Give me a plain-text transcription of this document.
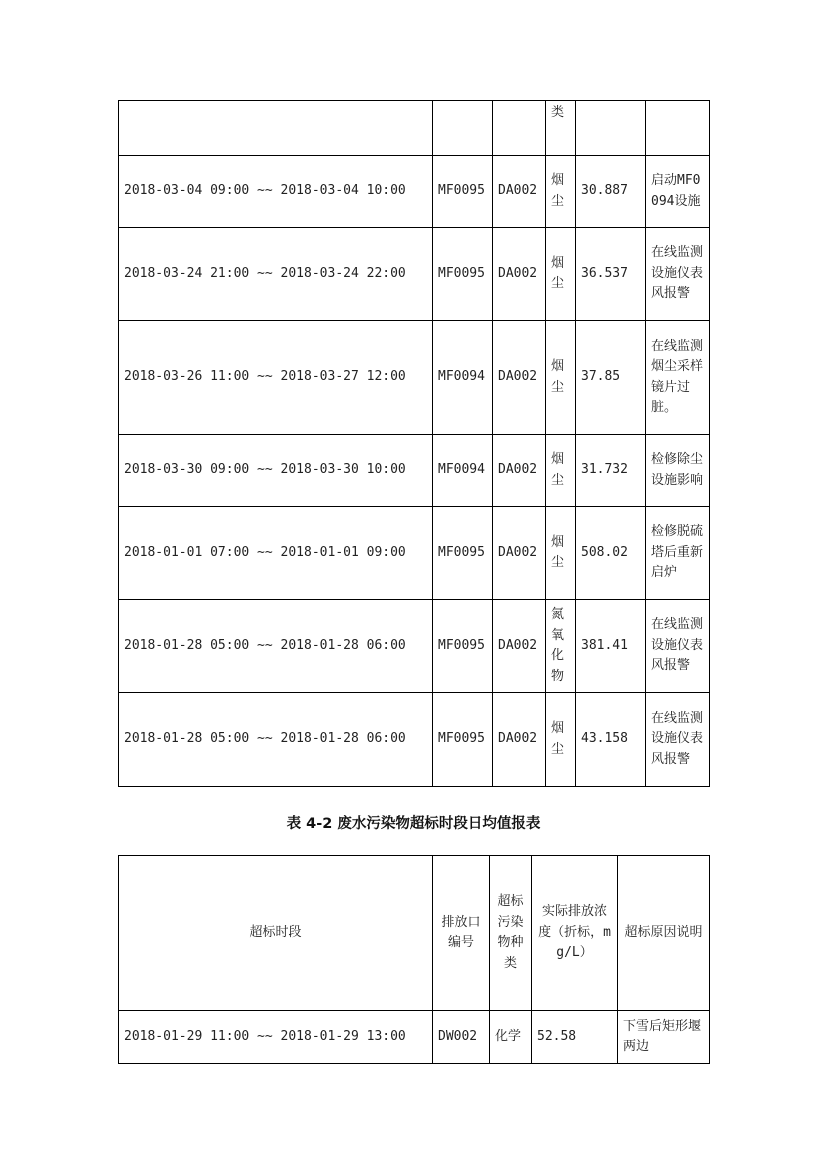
			类		
2018-03-04 09:00 ~~ 2018-03-04 10:00	MF0095	DA002	烟尘	30.887	启动MF0094设施
2018-03-24 21:00 ~~ 2018-03-24 22:00	MF0095	DA002	烟尘	36.537	在线监测设施仪表风报警
2018-03-26 11:00 ~~ 2018-03-27 12:00	MF0094	DA002	烟尘	37.85	在线监测烟尘采样镜片过脏。
2018-03-30 09:00 ~~ 2018-03-30 10:00	MF0094	DA002	烟尘	31.732	检修除尘设施影响
2018-01-01 07:00 ~~ 2018-01-01 09:00	MF0095	DA002	烟尘	508.02	检修脱硫塔后重新启炉
2018-01-28 05:00 ~~ 2018-01-28 06:00	MF0095	DA002	氮氧化物	381.41	在线监测设施仪表风报警
2018-01-28 05:00 ~~ 2018-01-28 06:00	MF0095	DA002	烟尘	43.158	在线监测设施仪表风报警
表 4-2 废水污染物超标时段日均值报表
超标时段	排放口编号	超标污染物种类	实际排放浓度（折标，mg/L）	超标原因说明
2018-01-29 11:00 ~~ 2018-01-29 13:00	DW002	化学	52.58	下雪后矩形堰两边
